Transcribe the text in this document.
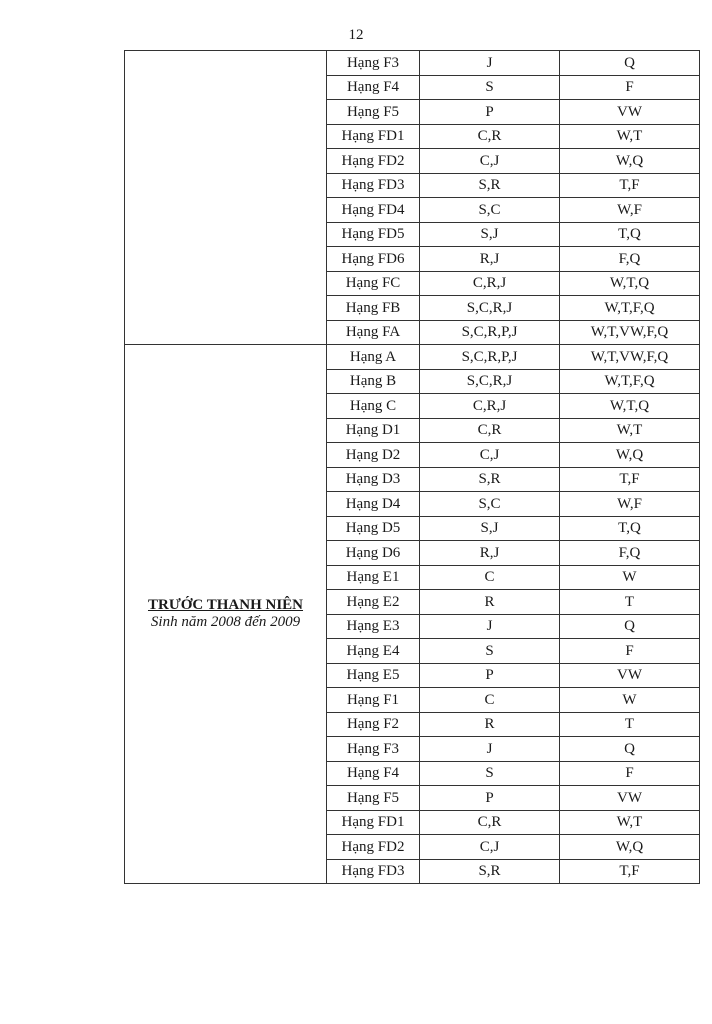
12
	Hạng F3	J	Q
	Hạng F4	S	F
	Hạng F5	P	VW
	Hạng FD1	C,R	W,T
	Hạng FD2	C,J	W,Q
	Hạng FD3	S,R	T,F
	Hạng FD4	S,C	W,F
	Hạng FD5	S,J	T,Q
	Hạng FD6	R,J	F,Q
	Hạng FC	C,R,J	W,T,Q
	Hạng FB	S,C,R,J	W,T,F,Q
	Hạng FA	S,C,R,P,J	W,T,VW,F,Q

TRƯỚC THANH NIÊN
Sinh năm 2008 đến 2009	Hạng A	S,C,R,P,J	W,T,VW,F,Q
	Hạng B	S,C,R,J	W,T,F,Q
	Hạng C	C,R,J	W,T,Q
	Hạng D1	C,R	W,T
	Hạng D2	C,J	W,Q
	Hạng D3	S,R	T,F
	Hạng D4	S,C	W,F
	Hạng D5	S,J	T,Q
	Hạng D6	R,J	F,Q
	Hạng E1	C	W
	Hạng E2	R	T
	Hạng E3	J	Q
	Hạng E4	S	F
	Hạng E5	P	VW
	Hạng F1	C	W
	Hạng F2	R	T
	Hạng F3	J	Q
	Hạng F4	S	F
	Hạng F5	P	VW
	Hạng FD1	C,R	W,T
	Hạng FD2	C,J	W,Q
	Hạng FD3	S,R	T,F
